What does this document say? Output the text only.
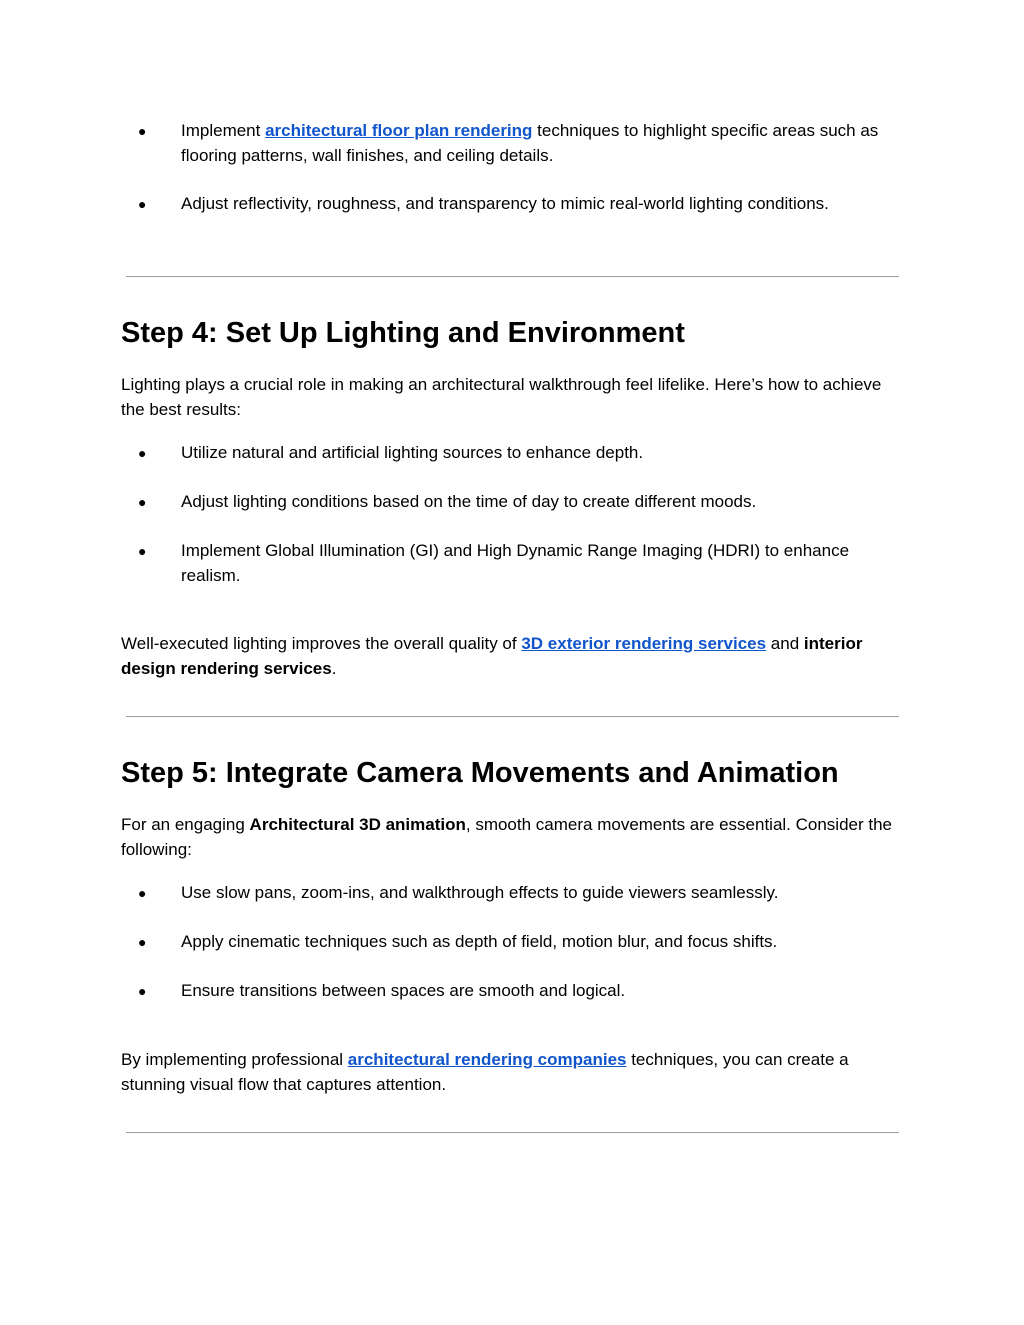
● Implement architectural floor plan rendering techniques to highlight specific areas such as flooring patterns, wall finishes, and ceiling details.
● Adjust reflectivity, roughness, and transparency to mimic real-world lighting conditions.
Step 4: Set Up Lighting and Environment

Lighting plays a crucial role in making an architectural walkthrough feel lifelike. Here’s how to achieve the best results:

● Utilize natural and artificial lighting sources to enhance depth.
● Adjust lighting conditions based on the time of day to create different moods.
● Implement Global Illumination (GI) and High Dynamic Range Imaging (HDRI) to enhance realism.

Well-executed lighting improves the overall quality of 3D exterior rendering services and interior design rendering services.

Step 5: Integrate Camera Movements and Animation

For an engaging Architectural 3D animation, smooth camera movements are essential. Consider the following:

● Use slow pans, zoom-ins, and walkthrough effects to guide viewers seamlessly.
● Apply cinematic techniques such as depth of field, motion blur, and focus shifts.
● Ensure transitions between spaces are smooth and logical.

By implementing professional architectural rendering companies techniques, you can create a stunning visual flow that captures attention.
